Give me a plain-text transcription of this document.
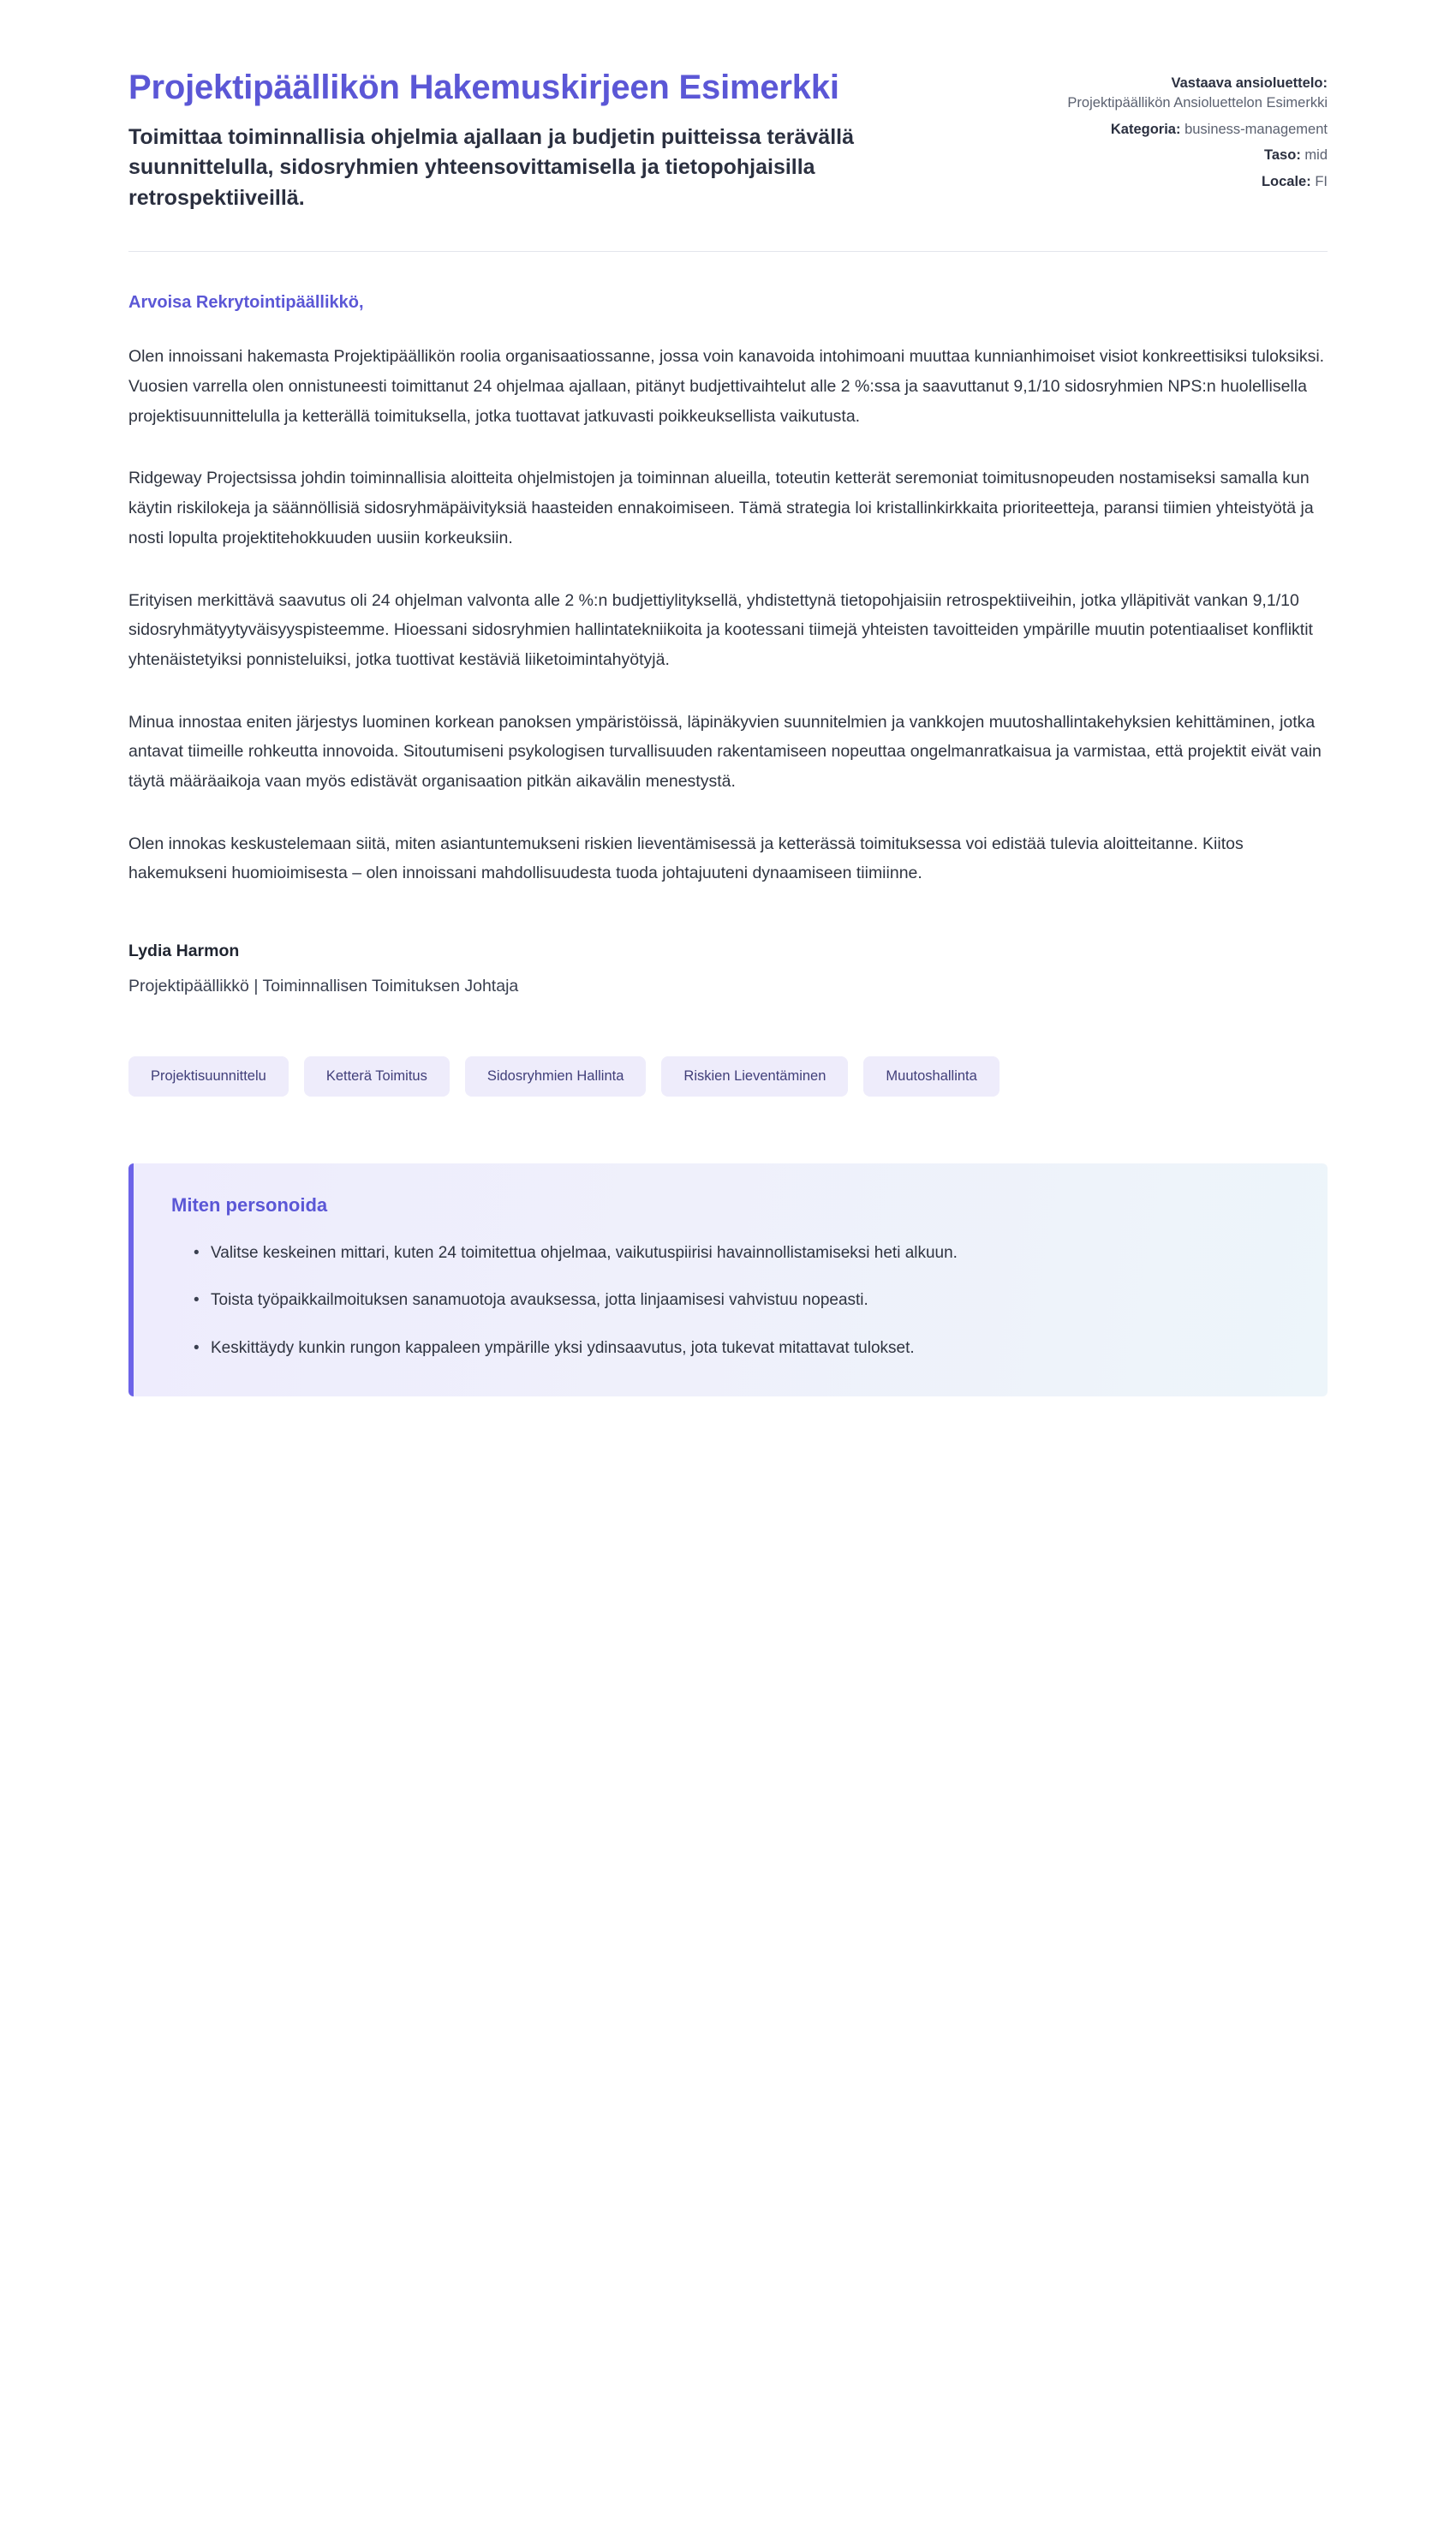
Projektipäällikön Hakemuskirjeen Esimerkki

Toimittaa toiminnallisia ohjelmia ajallaan ja budjetin puitteissa terävällä suunnittelulla, sidosryhmien yhteensovittamisella ja tietopohjaisilla retrospektiiveillä.

Vastaava ansioluettelo:
Projektipäällikön Ansioluettelon Esimerkki
Kategoria: business-management
Taso: mid
Locale: FI

Arvoisa Rekrytointipäällikkö,

Olen innoissani hakemasta Projektipäällikön roolia organisaatiossanne, jossa voin kanavoida intohimoani muuttaa kunnianhimoiset visiot konkreettisiksi tuloksiksi. Vuosien varrella olen onnistuneesti toimittanut 24 ohjelmaa ajallaan, pitänyt budjettivaihtelut alle 2 %:ssa ja saavuttanut 9,1/10 sidosryhmien NPS:n huolellisella projektisuunnittelulla ja ketterällä toimituksella, jotka tuottavat jatkuvasti poikkeuksellista vaikutusta.

Ridgeway Projectsissa johdin toiminnallisia aloitteita ohjelmistojen ja toiminnan alueilla, toteutin ketterät seremoniat toimitusnopeuden nostamiseksi samalla kun käytin riskilokeja ja säännöllisiä sidosryhmäpäivityksiä haasteiden ennakoimiseen. Tämä strategia loi kristallinkirkkaita prioriteetteja, paransi tiimien yhteistyötä ja nosti lopulta projektitehokkuuden uusiin korkeuksiin.

Erityisen merkittävä saavutus oli 24 ohjelman valvonta alle 2 %:n budjettiylityksellä, yhdistettynä tietopohjaisiin retrospektiiveihin, jotka ylläpitivät vankan 9,1/10 sidosryhmätyytyväisyyspisteemme. Hioessani sidosryhmien hallintatekniikoita ja kootessani tiimejä yhteisten tavoitteiden ympärille muutin potentiaaliset konfliktit yhtenäistetyiksi ponnisteluiksi, jotka tuottivat kestäviä liiketoimintahyötyjä.

Minua innostaa eniten järjestys luominen korkean panoksen ympäristöissä, läpinäkyvien suunnitelmien ja vankkojen muutoshallintakehyksien kehittäminen, jotka antavat tiimeille rohkeutta innovoida. Sitoutumiseni psykologisen turvallisuuden rakentamiseen nopeuttaa ongelmanratkaisua ja varmistaa, että projektit eivät vain täytä määräaikoja vaan myös edistävät organisaation pitkän aikavälin menestystä.

Olen innokas keskustelemaan siitä, miten asiantuntemukseni riskien lieventämisessä ja ketterässä toimituksessa voi edistää tulevia aloitteitanne. Kiitos hakemukseni huomioimisesta – olen innoissani mahdollisuudesta tuoda johtajuuteni dynaamiseen tiimiinne.

Lydia Harmon

Projektipäällikkö | Toiminnallisen Toimituksen Johtaja

Projektisuunnittelu	Ketterä Toimitus	Sidosryhmien Hallinta	Riskien Lieventäminen	Muutoshallinta
Miten personoida
• Valitse keskeinen mittari, kuten 24 toimitettua ohjelmaa, vaikutuspiirisi havainnollistamiseksi heti alkuun.
• Toista työpaikkailmoituksen sanamuotoja avauksessa, jotta linjaamisesi vahvistuu nopeasti.
• Keskittäydy kunkin rungon kappaleen ympärille yksi ydinsaavutus, jota tukevat mitattavat tulokset.
